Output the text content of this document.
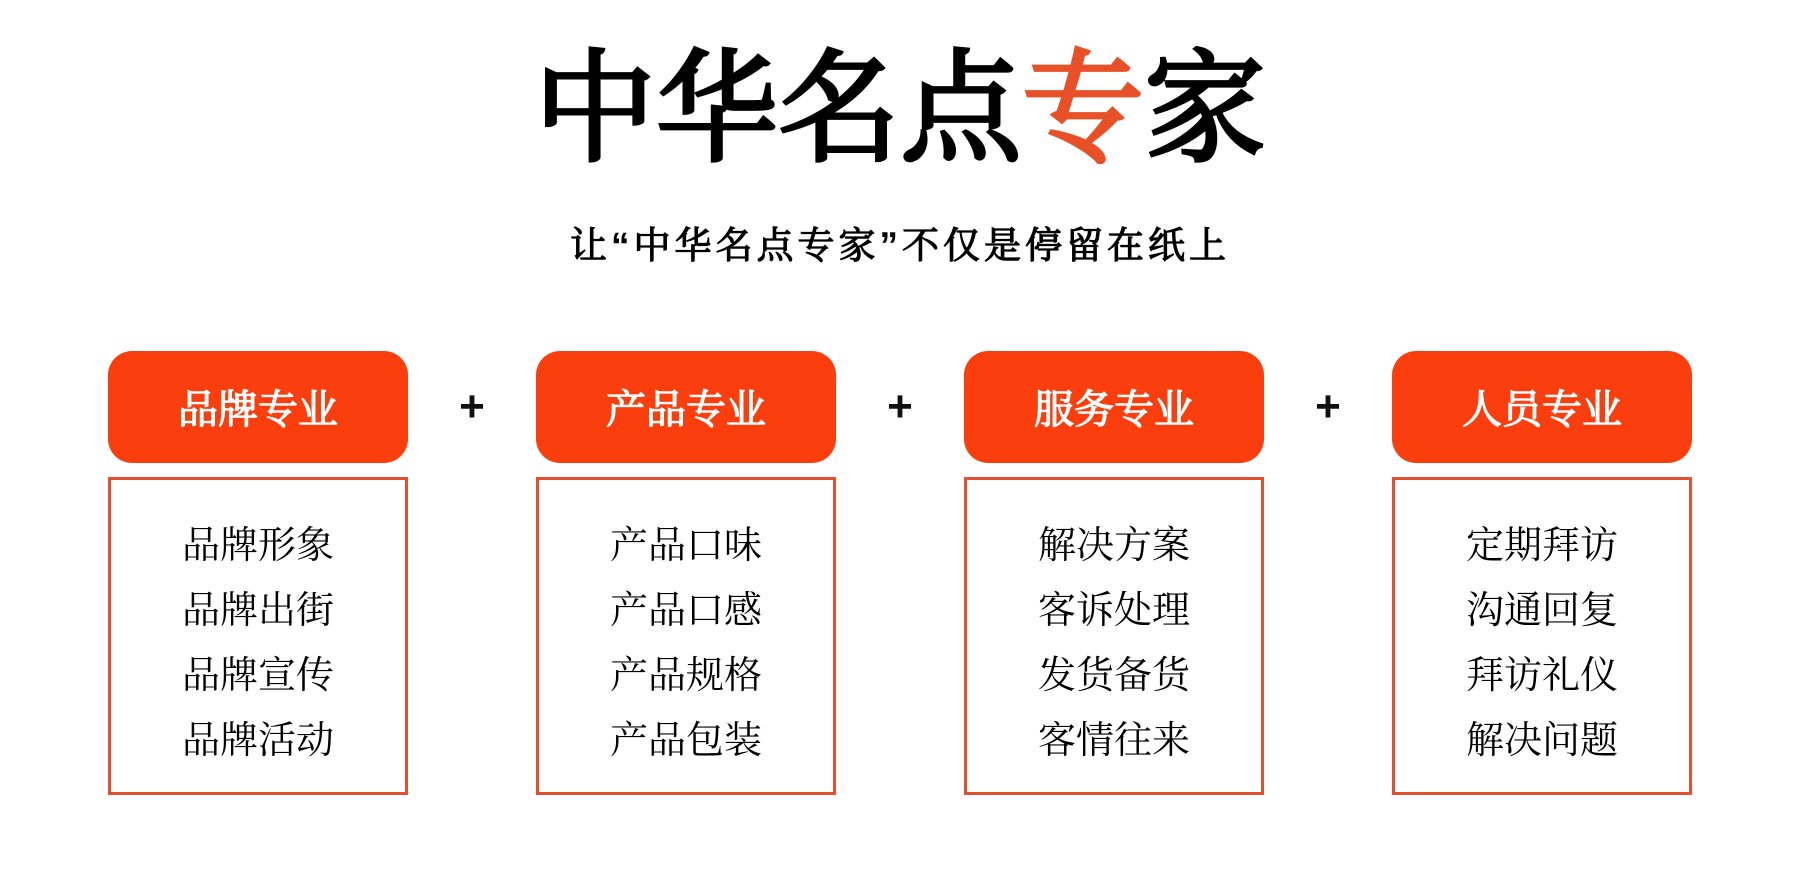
中华名点专家
让“中华名点专家”不仅是停留在纸上
品牌专业
品牌形象
品牌出街
品牌宣传
品牌活动
+	产品专业
产品口味
产品口感
产品规格
产品包装
+	服务专业
解决方案
客诉处理
发货备货
客情往来
+	人员专业
定期拜访
沟通回复
拜访礼仪
解决问题
